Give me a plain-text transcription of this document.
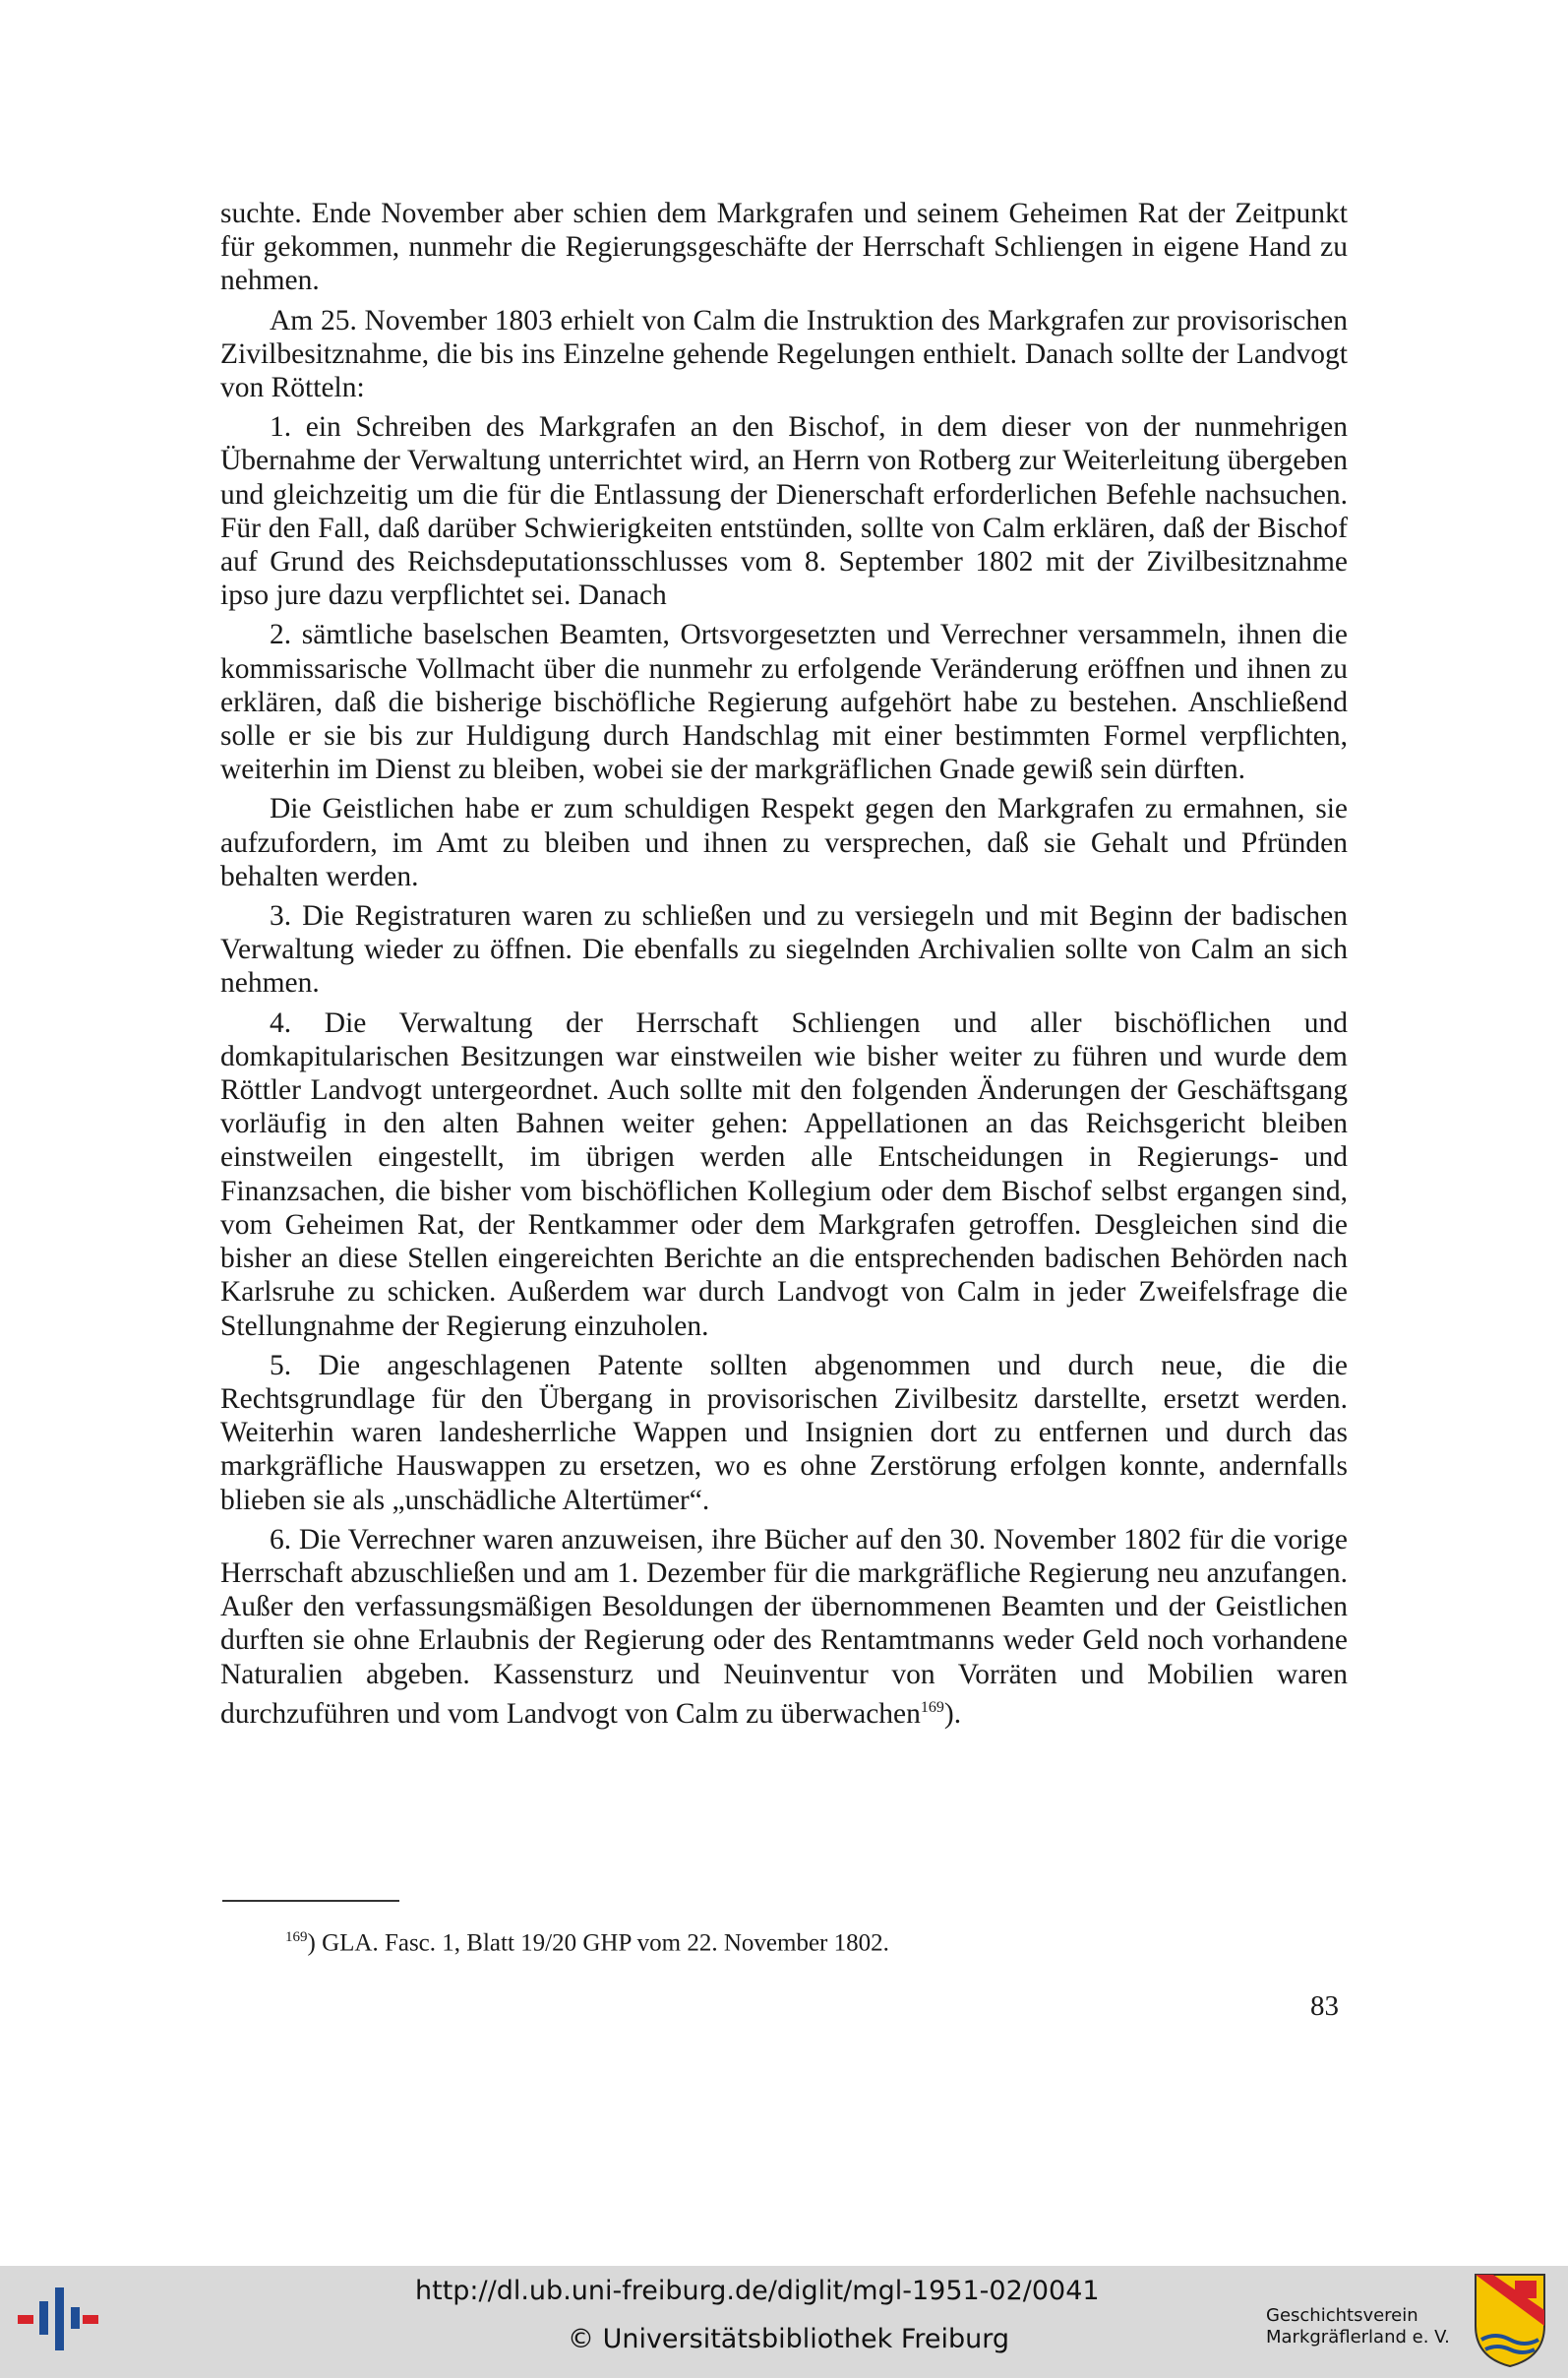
suchte. Ende November aber schien dem Markgrafen und seinem Geheimen Rat der Zeitpunkt für gekommen, nunmehr die Regierungsgeschäfte der Herrschaft Schliengen in eigene Hand zu nehmen.

Am 25. November 1803 erhielt von Calm die Instruktion des Markgrafen zur provisorischen Zivilbesitznahme, die bis ins Einzelne gehende Regelungen enthielt. Danach sollte der Landvogt von Rötteln:

1. ein Schreiben des Markgrafen an den Bischof, in dem dieser von der nunmehrigen Übernahme der Verwaltung unterrichtet wird, an Herrn von Rotberg zur Weiterleitung übergeben und gleichzeitig um die für die Entlassung der Dienerschaft erforderlichen Befehle nachsuchen. Für den Fall, daß darüber Schwierigkeiten entstünden, sollte von Calm erklären, daß der Bischof auf Grund des Reichsdeputationsschlusses vom 8. September 1802 mit der Zivilbesitznahme ipso jure dazu verpflichtet sei. Danach

2. sämtliche baselschen Beamten, Ortsvorgesetzten und Verrechner versammeln, ihnen die kommissarische Vollmacht über die nunmehr zu erfolgende Veränderung eröffnen und ihnen zu erklären, daß die bisherige bischöfliche Regierung aufgehört habe zu bestehen. Anschließend solle er sie bis zur Huldigung durch Handschlag mit einer bestimmten Formel verpflichten, weiterhin im Dienst zu bleiben, wobei sie der markgräflichen Gnade gewiß sein dürften.

Die Geistlichen habe er zum schuldigen Respekt gegen den Markgrafen zu ermahnen, sie aufzufordern, im Amt zu bleiben und ihnen zu versprechen, daß sie Gehalt und Pfründen behalten werden.

3. Die Registraturen waren zu schließen und zu versiegeln und mit Beginn der badischen Verwaltung wieder zu öffnen. Die ebenfalls zu siegelnden Archivalien sollte von Calm an sich nehmen.

4. Die Verwaltung der Herrschaft Schliengen und aller bischöflichen und domkapitularischen Besitzungen war einstweilen wie bisher weiter zu führen und wurde dem Röttler Landvogt untergeordnet. Auch sollte mit den folgenden Änderungen der Geschäftsgang vorläufig in den alten Bahnen weiter gehen: Appellationen an das Reichsgericht bleiben einstweilen eingestellt, im übrigen werden alle Entscheidungen in Regierungs- und Finanzsachen, die bisher vom bischöflichen Kollegium oder dem Bischof selbst ergangen sind, vom Geheimen Rat, der Rentkammer oder dem Markgrafen getroffen. Desgleichen sind die bisher an diese Stellen eingereichten Berichte an die entsprechenden badischen Behörden nach Karlsruhe zu schicken. Außerdem war durch Landvogt von Calm in jeder Zweifelsfrage die Stellungnahme der Regierung einzuholen.

5. Die angeschlagenen Patente sollten abgenommen und durch neue, die die Rechtsgrundlage für den Übergang in provisorischen Zivilbesitz darstellte, ersetzt werden. Weiterhin waren landesherrliche Wappen und Insignien dort zu entfernen und durch das markgräfliche Hauswappen zu ersetzen, wo es ohne Zerstörung erfolgen konnte, andernfalls blieben sie als „unschädliche Altertümer“.

6. Die Verrechner waren anzuweisen, ihre Bücher auf den 30. November 1802 für die vorige Herrschaft abzuschließen und am 1. Dezember für die markgräfliche Regierung neu anzufangen. Außer den verfassungsmäßigen Besoldungen der übernommenen Beamten und der Geistlichen durften sie ohne Erlaubnis der Regierung oder des Rentamtmanns weder Geld noch vorhandene Naturalien abgeben. Kassensturz und Neuinventur von Vorräten und Mobilien waren durchzuführen und vom Landvogt von Calm zu überwachen$^{169}$).

$^{169}$) GLA. Fasc. 1, Blatt 19/20 GHP vom 22. November 1802.
83
http://dl.ub.uni-freiburg.de/diglit/mgl-1951-02/0041
© Universitätsbibliothek Freiburg
Geschichtsverein
Markgräflerland e. V.
